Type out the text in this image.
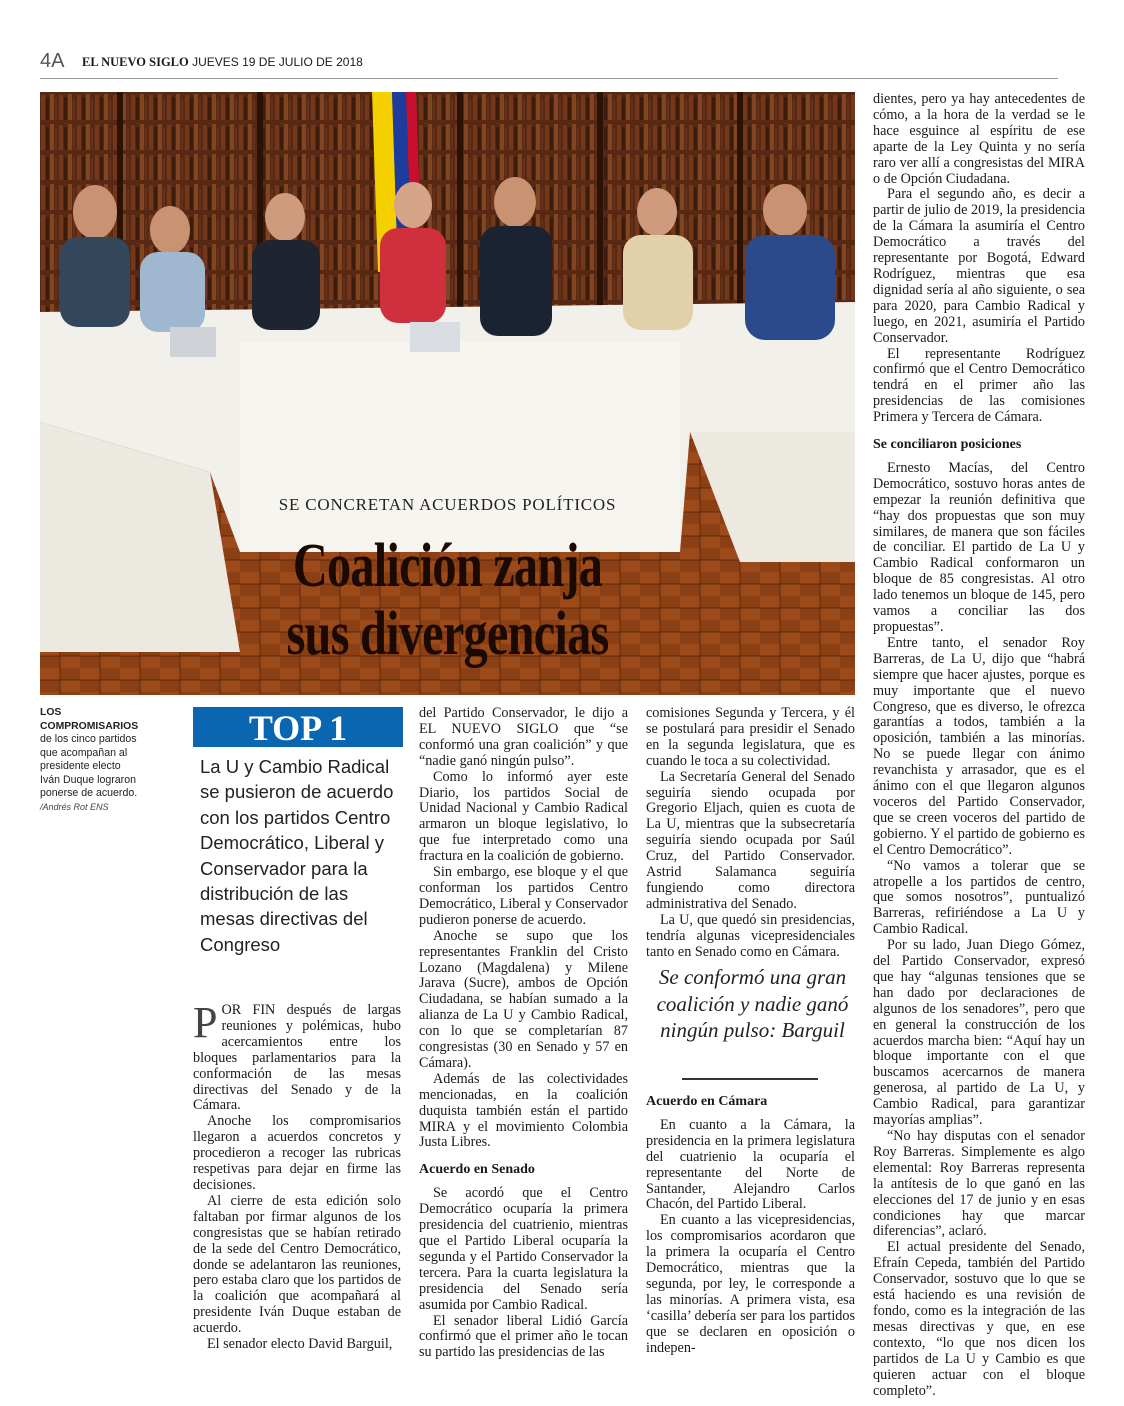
4A EL NUEVO SIGLO JUEVES 19 DE JULIO DE 2018
SE CONCRETAN ACUERDOS POLÍTICOS
Coalición zanja
sus divergencias
LOS COMPROMISARIOS de los cinco partidos que acompañan al presidente electo Iván Duque lograron ponerse de acuerdo. /Andrés Rot ENS
TOP 1
La U y Cambio Radical se pusieron de acuerdo con los partidos Centro Democrático, Liberal y Conservador para la distribución de las mesas directivas del Congreso

POR FIN después de largas reuniones y polémicas, hubo acercamientos entre los bloques parlamentarios para la conformación de las mesas directivas del Senado y de la Cámara.

Anoche los compromisarios llegaron a acuerdos concretos y procedieron a recoger las rubricas respetivas para dejar en firme las decisiones.

Al cierre de esta edición solo faltaban por firmar algunos de los congresistas que se habían retirado de la sede del Centro Democrático, donde se adelantaron las reuniones, pero estaba claro que los partidos de la coalición que acompañará al presidente Iván Duque estaban de acuerdo.

El senador electo David Barguil,

del Partido Conservador, le dijo a EL NUEVO SIGLO que “se conformó una gran coalición” y que “nadie ganó ningún pulso”.

Como lo informó ayer este Diario, los partidos Social de Unidad Nacional y Cambio Radical armaron un bloque legislativo, lo que fue interpretado como una fractura en la coalición de gobierno.

Sin embargo, ese bloque y el que conforman los partidos Centro Democrático, Liberal y Conservador pudieron ponerse de acuerdo.

Anoche se supo que los representantes Franklin del Cristo Lozano (Magdalena) y Milene Jarava (Sucre), ambos de Opción Ciudadana, se habían sumado a la alianza de La U y Cambio Radical, con lo que se completarían 87 congresistas (30 en Senado y 57 en Cámara).

Además de las colectividades mencionadas, en la coalición duquista también están el partido MIRA y el movimiento Colombia Justa Libres.

Acuerdo en Senado

Se acordó que el Centro Democrático ocuparía la primera presidencia del cuatrienio, mientras que el Partido Liberal ocuparía la segunda y el Partido Conservador la tercera. Para la cuarta legislatura la presidencia del Senado sería asumida por Cambio Radical.

El senador liberal Lidió García confirmó que el primer año le tocan su partido las presidencias de las

comisiones Segunda y Tercera, y él se postulará para presidir el Senado en la segunda legislatura, que es cuando le toca a su colectividad.

La Secretaría General del Senado seguiría siendo ocupada por Gregorio Eljach, quien es cuota de La U, mientras que la subsecretaría seguiría siendo ocupada por Saúl Cruz, del Partido Conservador. Astrid Salamanca seguiría fungiendo como directora administrativa del Senado.

La U, que quedó sin presidencias, tendría algunas vicepresidenciales tanto en Senado como en Cámara.

Se conformó una gran coalición y nadie ganó ningún pulso: Barguil
Acuerdo en Cámara

En cuanto a la Cámara, la presidencia en la primera legislatura del cuatrienio la ocuparía el representante del Norte de Santander, Alejandro Carlos Chacón, del Partido Liberal.

En cuanto a las vicepresidencias, los compromisarios acordaron que la primera la ocuparía el Centro Democrático, mientras que la segunda, por ley, le corresponde a las minorías. A primera vista, esa ‘casilla’ debería ser para los partidos que se declaren en oposición o indepen-

dientes, pero ya hay antecedentes de cómo, a la hora de la verdad se le hace esguince al espíritu de ese aparte de la Ley Quinta y no sería raro ver allí a congresistas del MIRA o de Opción Ciudadana.

Para el segundo año, es decir a partir de julio de 2019, la presidencia de la Cámara la asumiría el Centro Democrático a través del representante por Bogotá, Edward Rodríguez, mientras que esa dignidad sería al año siguiente, o sea para 2020, para Cambio Radical y luego, en 2021, asumiría el Partido Conservador.

El representante Rodríguez confirmó que el Centro Democrático tendrá en el primer año las presidencias de las comisiones Primera y Tercera de Cámara.

Se conciliaron posiciones

Ernesto Macías, del Centro Democrático, sostuvo horas antes de empezar la reunión definitiva que “hay dos propuestas que son muy similares, de manera que son fáciles de conciliar. El partido de La U y Cambio Radical conformaron un bloque de 85 congresistas. Al otro lado tenemos un bloque de 145, pero vamos a conciliar las dos propuestas”.

Entre tanto, el senador Roy Barreras, de La U, dijo que “habrá siempre que hacer ajustes, porque es muy importante que el nuevo Congreso, que es diverso, le ofrezca garantías a todos, también a la oposición, también a las minorías. No se puede llegar con ánimo revanchista y arrasador, que es el ánimo con el que llegaron algunos voceros del Partido Conservador, que se creen voceros del partido de gobierno. Y el partido de gobierno es el Centro Democrático”.

“No vamos a tolerar que se atropelle a los partidos de centro, que somos nosotros”, puntualizó Barreras, refiriéndose a La U y Cambio Radical.

Por su lado, Juan Diego Gómez, del Partido Conservador, expresó que hay “algunas tensiones que se han dado por declaraciones de algunos de los senadores”, pero que en general la construcción de los acuerdos marcha bien: “Aquí hay un bloque importante con el que buscamos acercarnos de manera generosa, al partido de La U, y Cambio Radical, para garantizar mayorías amplias”.

“No hay disputas con el senador Roy Barreras. Simplemente es algo elemental: Roy Barreras representa la antítesis de lo que ganó en las elecciones del 17 de junio y en esas condiciones hay que marcar diferencias”, aclaró.

El actual presidente del Senado, Efraín Cepeda, también del Partido Conservador, sostuvo que lo que se está haciendo es una revisión de fondo, como es la integración de las mesas directivas y que, en ese contexto, “lo que nos dicen los partidos de La U y Cambio es que quieren actuar con el bloque completo”.
